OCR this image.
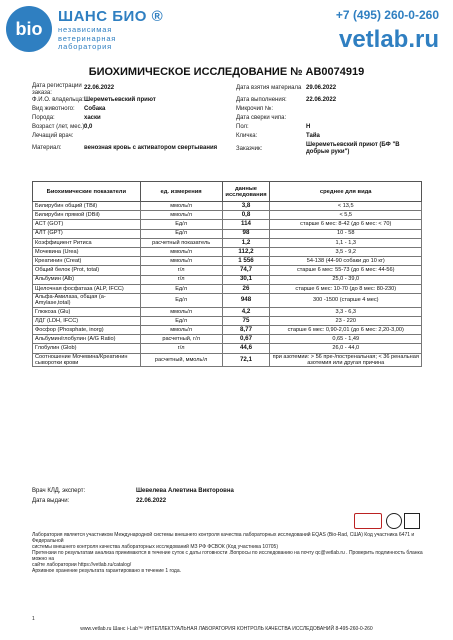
bio
ШАНС БИО ®
независимая
ветеринарная
лаборатория
+7 (495) 260-0-260
vetlab.ru
БИОХИМИЧЕСКОЕ ИССЛЕДОВАНИЕ № АВ0074919
Дата регистрации заказа:
22.06.2022
Ф.И.О. владельца: Шереметьевский приют
Вид животного: Собака
Порода:	хаски
Возраст (лет, мес.):
0,0
Лечащий врач:
Материал:	венозная кровь с активатором свертывания
Дата взятия материала 29.06.2022
Дата выполнения:	22.06.2022
Микрочип №:
Дата сверки чипа:
Пол:	Н
Кличка:	Тайа
Заказчик:
Шереметьевский приют (БФ "В добрые руки")
Биохимические показатели	ед. измерения	данные исследования	среднее для вида
Билирубин общий (TBil)	ммоль/л	3,8	< 13,5
Билирубин прямой (DBil)	ммоль/л	0,8	< 5,5
АСТ (GOT)	Ед/л	114	старше 6 мес: 8-42 (до 6 мес: < 70)
АЛТ (GPT)	Ед/л	98	10 - 58
Коэффициент Ритиса	расчетный показатель	1,2	1,1 - 1,3
Мочевина (Urea)	ммоль/л	112,2	3,5 - 9,2
Креатинин (Creat)	ммоль/л	1 556	54-138 (44-90 собаки до 10 кг)
Общий белок (Prot, total)	г/л	74,7	старше 6 мес: 55-73 (до 6 мес: 44-56)
Альбумин (Alb)	г/л	30,1	25,0 - 39,0
Щелочная фосфатаза (ALP, IFCC)	Ед/л	26	старше 6 мес: 10-70 (до 8 мес: 80-230)
Альфа-Амилаза, общая (а-Amylase,total)	Ед/л	948	300 -1500 (старше 4 мес)
Глюкоза (Glu)	ммоль/л	4,2	3,3 - 6,3
ЛДГ (LDH, IFCC)	Ед/л	75	23 - 220
Фосфор (Phosphate, inorg)	ммоль/л	8,77	старше 6 мес: 0,90-2,01 (до 6 мес: 2,20-3,00)
Альбумин/глобулин (A/G Ratio)	расчетный, г/л	0,67	0,65 - 1,49
Глобулин (Glob)	г/л	44,6	26,0 - 44,0
Соотношение Мочевина/Креатинин сыворотки крови	расчетный, ммоль/л	72,1	при азотемии: > 56 пре-/постренальная; < 36 ренальная азотемия или другая причина
Врач КЛД, эксперт:	Шевелева Алевтина Викторовна
Дата выдачи:	22.06.2022
Лаборатория является участником Международной системы внешнего контроля качества лабораторных исследований EQAS (Bio-Rad, США) Код участника 6471 и Федеральной
системы внешнего контроля качества лабораторных исследований МЗ РФ ФСВОК (Код участника 10705)
Претензии по результатам анализа принимаются в течение суток с даты готовности .Вопросы по исследованию на почту qc@vetlab.ru . Проверить подлинность бланка можно на
сайте лаборатории https://vetlab.ru/catalog/
Архивное хранение результата гарантировано в течение 1 года.
1
www.vetlab.ru Шанс i-Lab™ ИНТЕЛЛЕКТУАЛЬНАЯ ЛАБОРАТОРИЯ КОНТРОЛЬ КАЧЕСТВА ИССЛЕДОВАНИЙ 8-495-260-0-260
